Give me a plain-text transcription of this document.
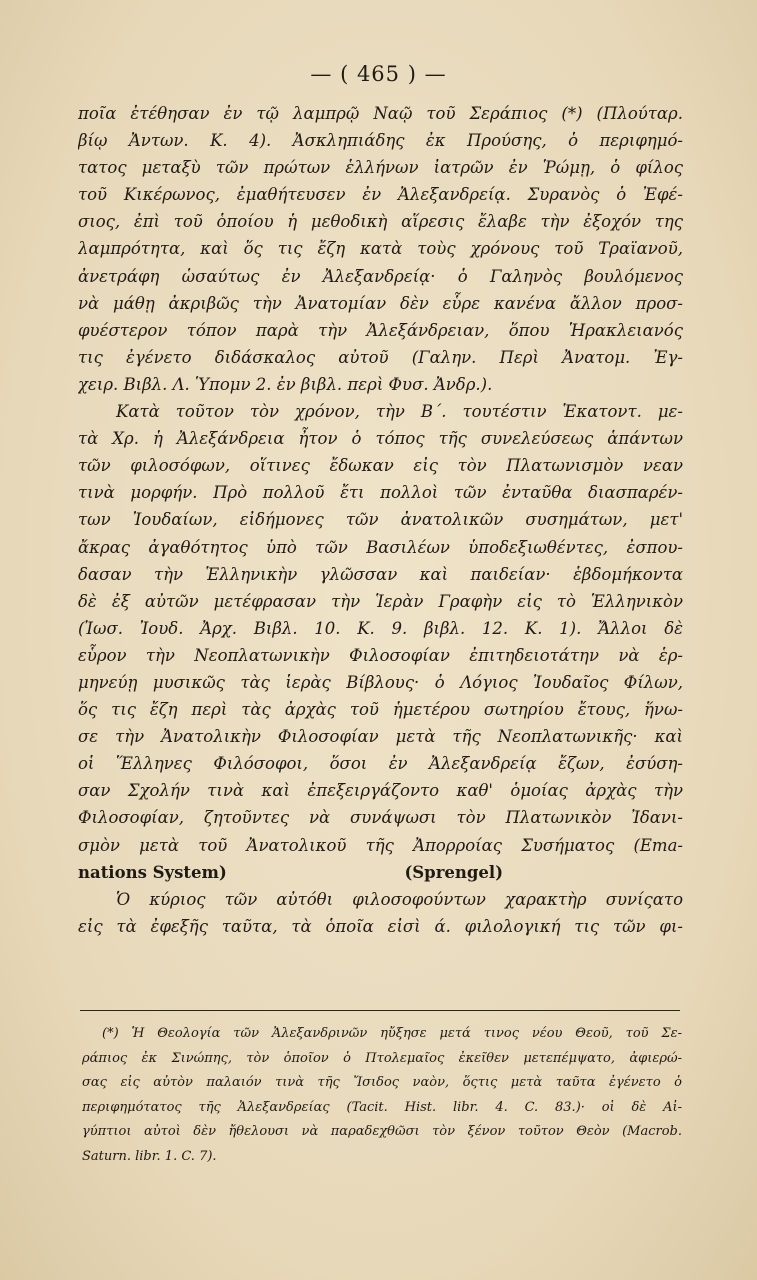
— ( 465 ) —
ποῖα ἐτέθησαν ἐν τῷ λαμπρῷ Ναῷ τοῦ Σεράπιος (*) (Πλούταρ.
βίῳ Ἀντων. Κ. 4). Ἀσκληπιάδης ἐκ Προύσης, ὁ περιφημό-
τατος μεταξὺ τῶν πρώτων ἑλλήνων ἰατρῶν ἐν Ῥώμῃ, ὁ φίλος
τοῦ Κικέρωνος, ἐμαθήτευσεν ἐν Ἀλεξανδρείᾳ. Συρανὸς ὁ Ἐφέ-
σιος, ἐπὶ τοῦ ὁποίου ἡ μεθοδικὴ αἵρεσις ἔλαβε τὴν ἐξοχόν της
λαμπρότητα, καὶ ὅς τις ἔζη κατὰ τοὺς χρόνους τοῦ Τραϊανοῦ,
ἀνετράφη ὡσαύτως ἐν Ἀλεξανδρείᾳ· ὁ Γαληνὸς βουλόμενος
νὰ μάθῃ ἀκριβῶς τὴν Ἀνατομίαν δὲν εὗρε κανένα ἄλλον προσ-
φυέστερον τόπον παρὰ τὴν Ἀλεξάνδρειαν, ὅπου Ἡρακλειανός
τις ἐγένετο διδάσκαλος αὐτοῦ (Γαλην. Περὶ Ἀνατομ. Ἐγ-
χειρ. Βιβλ. Λ. Ὑπομν 2. ἐν βιβλ. περὶ Φυσ. Ἀνδρ.).
Κατὰ τοῦτον τὸν χρόνον, τὴν Β΄. τουτέστιν Ἑκατοντ. με-
τὰ Χρ. ἡ Ἀλεξάνδρεια ἦτον ὁ τόπος τῆς συνελεύσεως ἁπάντων
τῶν φιλοσόφων, οἵτινες ἔδωκαν εἰς τὸν Πλατωνισμὸν νεαν
τινὰ μορφήν. Πρὸ πολλοῦ ἔτι πολλοὶ τῶν ἐνταῦθα διασπαρέν-
των Ἰουδαίων, εἰδήμονες τῶν ἀνατολικῶν συσημάτων, μετ'
ἄκρας ἀγαθότητος ὑπὸ τῶν Βασιλέων ὑποδεξιωθέντες, ἐσπου-
δασαν τὴν Ἑλληνικὴν γλῶσσαν καὶ παιδείαν· ἑβδομήκοντα
δὲ ἐξ αὐτῶν μετέφρασαν τὴν Ἱερὰν Γραφὴν εἰς τὸ Ἑλληνικὸν
(Ἰωσ. Ἰουδ. Ἀρχ. Βιβλ. 10. Κ. 9. βιβλ. 12. Κ. 1). Ἄλλοι δὲ
εὗρον τὴν Νεοπλατωνικὴν Φιλοσοφίαν ἐπιτηδειοτάτην νὰ ἑρ-
μηνεύῃ μυσικῶς τὰς ἱερὰς Βίβλους· ὁ Λόγιος Ἰουδαῖος Φίλων,
ὅς τις ἔζη περὶ τὰς ἀρχὰς τοῦ ἡμετέρου σωτηρίου ἔτους, ἥνω-
σε τὴν Ἀνατολικὴν Φιλοσοφίαν μετὰ τῆς Νεοπλατωνικῆς· καὶ
οἱ Ἕλληνες Φιλόσοφοι, ὅσοι ἐν Ἀλεξανδρείᾳ ἔζων, ἐσύση-
σαν Σχολήν τινὰ καὶ ἐπεξειργάζοντο καθ' ὁμοίας ἀρχὰς τὴν
Φιλοσοφίαν, ζητοῦντες νὰ συνάψωσι τὸν Πλατωνικὸν Ἰδανι-
σμὸν μετὰ τοῦ Ἀνατολικοῦ τῆς Ἀπορροίας Συσήματος (Ema-
nations System)	(Sprengel)
Ὁ κύριος τῶν αὐτόθι φιλοσοφούντων χαρακτὴρ συνίςατο
εἰς τὰ ἐφεξῆς ταῦτα, τὰ ὁποῖα εἰσὶ ά. φιλολογική τις τῶν φι-
(*) Ἡ Θεολογία τῶν Ἀλεξανδρινῶν ηὔξησε μετά τινος νέου Θεοῦ, τοῦ Σε-
ράπιος ἐκ Σινώπης, τὸν ὁποῖον ὁ Πτολεμαῖος ἐκεῖθεν μετεπέμψατο, ἀφιερώ-
σας εἰς αὐτὸν παλαιόν τινὰ τῆς Ἴσιδος ναὸν, ὅςτις μετὰ ταῦτα ἐγένετο ὁ
περιφημότατος τῆς Ἀλεξανδρείας (Tacit. Hist. libr. 4. C. 83.)· οἱ δὲ Αἰ-
γύπτιοι αὐτοὶ δὲν ἤθελουσι νὰ παραδεχθῶσι τὸν ξένον τοῦτον Θεὸν (Macrob.
Saturn. libr. 1. C. 7).
